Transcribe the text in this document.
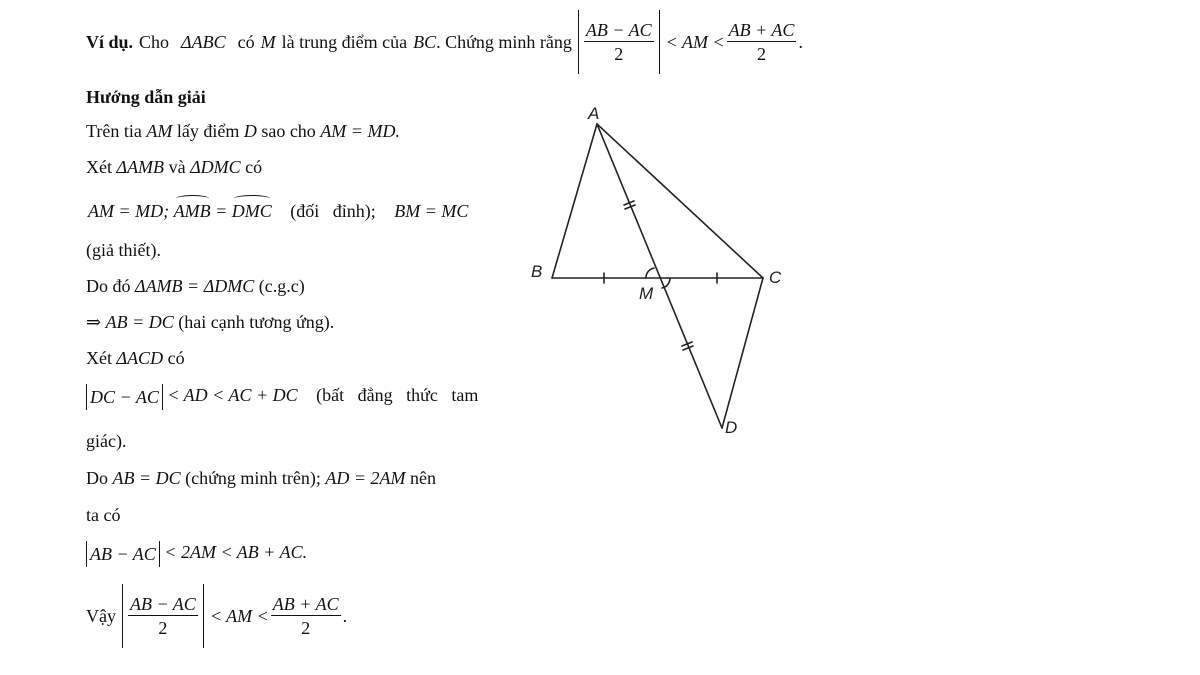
Ví dụ. Cho ΔABC có M là trung điểm của BC . Chứng minh rằng $\frac{AB - AC}{2}$ < AM < $\frac{AB + AC}{2}$ .
Hướng dẫn giải
Trên tia AM lấy điểm D sao cho AM = MD.
Xét ΔAMB và ΔDMC có
AM = MD; AMB = DMC (đối   đỉnh); BM = MC
(giả thiết).
Do đó ΔAMB = ΔDMC (c.g.c)
⇒ AB = DC (hai cạnh tương ứng).
Xét ΔACD có
DC − AC < AD < AC + DC (bất   đẳng   thức   tam
giác).
Do AB = DC (chứng minh trên); AD = 2AM nên
ta có
AB − AC < 2AM < AB + AC.
Vậy $\frac{AB - AC}{2}$ < AM < $\frac{AB + AC}{2}$ .
A
B	C
M
D
